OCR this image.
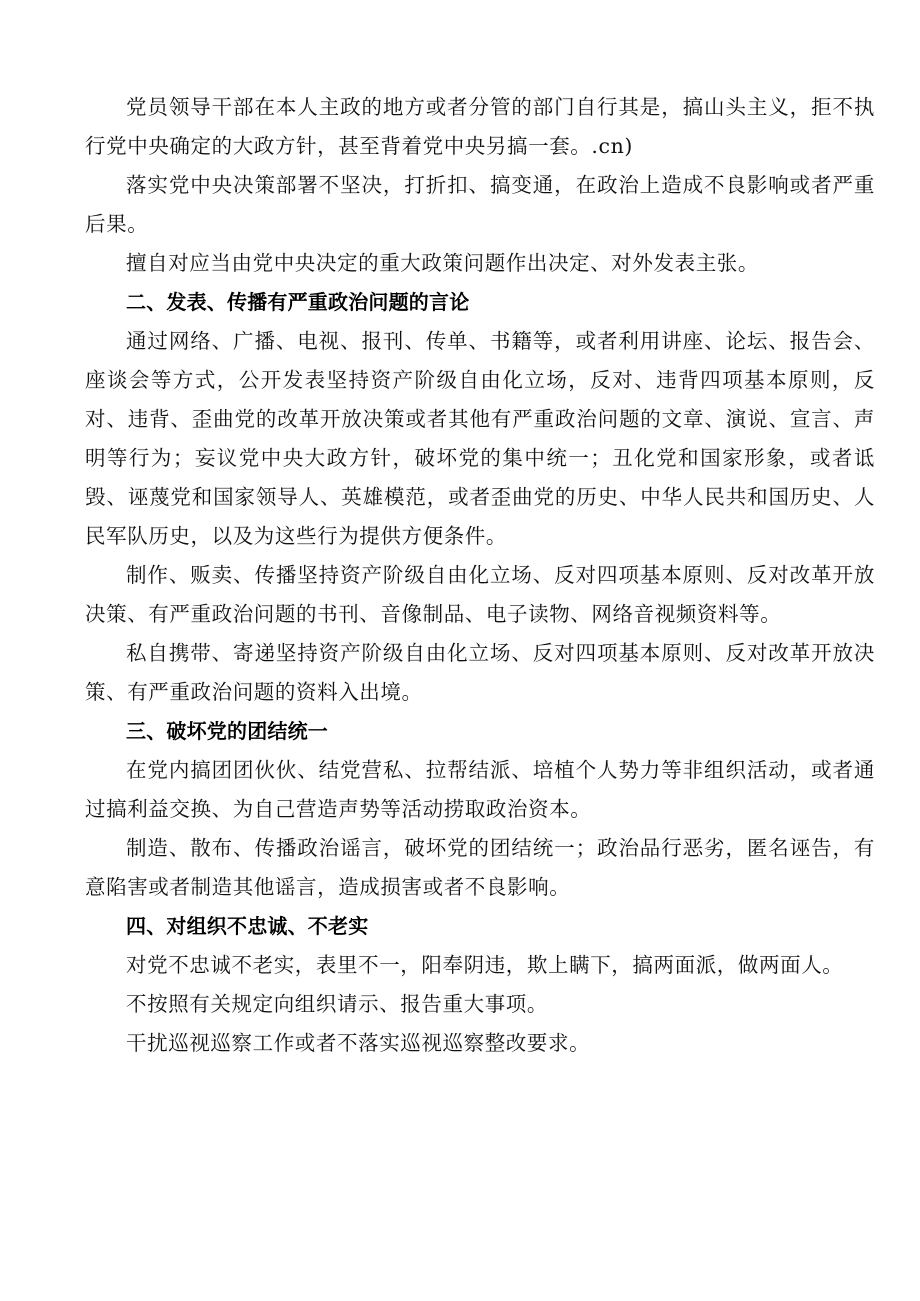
党员领导干部在本人主政的地方或者分管的部门自行其是，搞山头主义，拒不执行党中央确定的大政方针，甚至背着党中央另搞一套。.cn)

落实党中央决策部署不坚决，打折扣、搞变通，在政治上造成不良影响或者严重后果。

擅自对应当由党中央决定的重大政策问题作出决定、对外发表主张。

二、发表、传播有严重政治问题的言论

通过网络、广播、电视、报刊、传单、书籍等，或者利用讲座、论坛、报告会、座谈会等方式，公开发表坚持资产阶级自由化立场，反对、违背四项基本原则，反对、违背、歪曲党的改革开放决策或者其他有严重政治问题的文章、演说、宣言、声明等行为；妄议党中央大政方针，破坏党的集中统一；丑化党和国家形象，或者诋毁、诬蔑党和国家领导人、英雄模范，或者歪曲党的历史、中华人民共和国历史、人民军队历史，以及为这些行为提供方便条件。

制作、贩卖、传播坚持资产阶级自由化立场、反对四项基本原则、反对改革开放决策、有严重政治问题的书刊、音像制品、电子读物、网络音视频资料等。

私自携带、寄递坚持资产阶级自由化立场、反对四项基本原则、反对改革开放决策、有严重政治问题的资料入出境。

三、破坏党的团结统一

在党内搞团团伙伙、结党营私、拉帮结派、培植个人势力等非组织活动，或者通过搞利益交换、为自己营造声势等活动捞取政治资本。

制造、散布、传播政治谣言，破坏党的团结统一；政治品行恶劣，匿名诬告，有意陷害或者制造其他谣言，造成损害或者不良影响。

四、对组织不忠诚、不老实

对党不忠诚不老实，表里不一，阳奉阴违，欺上瞒下，搞两面派，做两面人。

不按照有关规定向组织请示、报告重大事项。

干扰巡视巡察工作或者不落实巡视巡察整改要求。
